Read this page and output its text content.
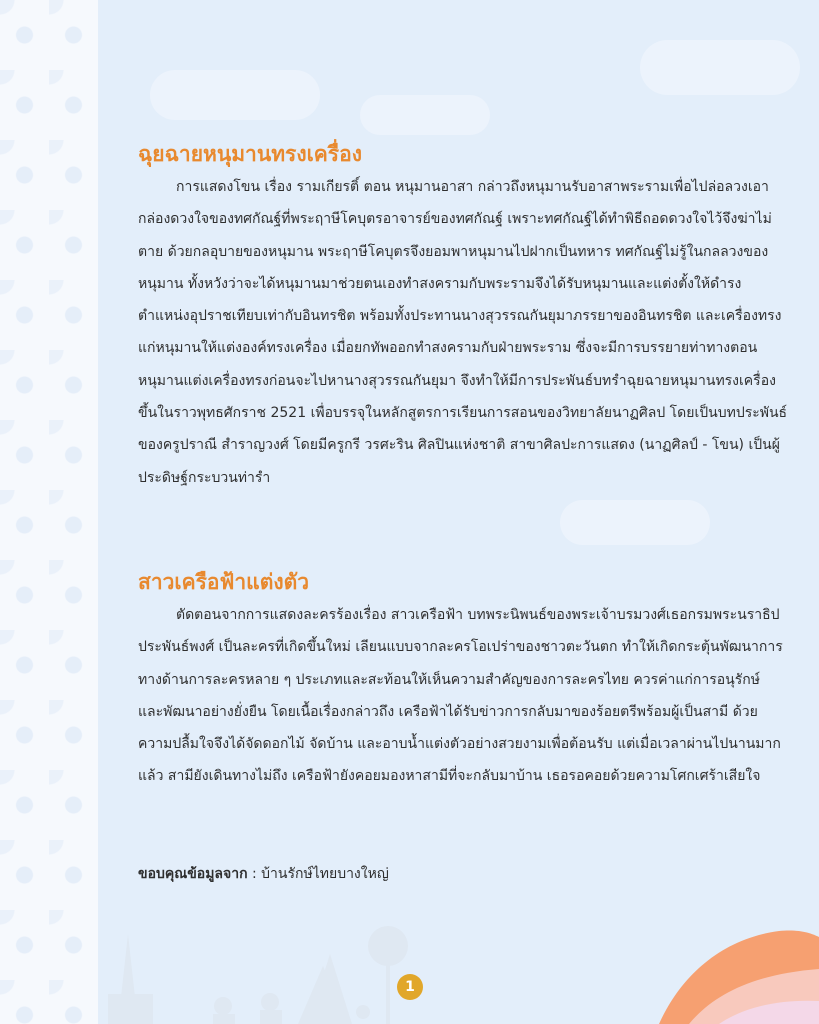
ฉุยฉายหนุมานทรงเครื่อง

การแสดงโขน เรื่อง รามเกียรติ์ ตอน หนุมานอาสา กล่าวถึงหนุมานรับอาสาพระรามเพื่อไปล่อลวงเอากล่องดวงใจของทศกัณฐ์ที่พระฤาษีโคบุตรอาจารย์ของทศกัณฐ์ เพราะทศกัณฐ์ได้ทำพิธีถอดดวงใจไว้จึงฆ่าไม่ตาย ด้วยกลอุบายของหนุมาน พระฤาษีโคบุตรจึงยอมพาหนุมานไปฝากเป็นทหาร ทศกัณฐ์ไม่รู้ในกลลวงของหนุมาน ทั้งหวังว่าจะได้หนุมานมาช่วยตนเองทำสงครามกับพระรามจึงได้รับหนุมานและแต่งตั้งให้ดำรงตำแหน่งอุปราชเทียบเท่ากับอินทรชิต พร้อมทั้งประทานนางสุวรรณกันยุมาภรรยาของอินทรชิต และเครื่องทรงแก่หนุมานให้แต่งองค์ทรงเครื่อง เมื่อยกทัพออกทำสงครามกับฝ่ายพระราม ซึ่งจะมีการบรรยายท่าทางตอนหนุมานแต่งเครื่องทรงก่อนจะไปหานางสุวรรณกันยุมา จึงทำให้มีการประพันธ์บทรำฉุยฉายหนุมานทรงเครื่องขึ้นในราวพุทธศักราช 2521 เพื่อบรรจุในหลักสูตรการเรียนการสอนของวิทยาลัยนาฏศิลป โดยเป็นบทประพันธ์ของครูปราณี สำราญวงศ์ โดยมีครูกรี วรศะริน ศิลปินแห่งชาติ สาขาศิลปะการแสดง (นาฏศิลป์ - โขน) เป็นผู้ประดิษฐ์กระบวนท่ารำ

สาวเครือฟ้าแต่งตัว

ตัดตอนจากการแสดงละครร้องเรื่อง สาวเครือฟ้า บทพระนิพนธ์ของพระเจ้าบรมวงศ์เธอกรมพระนราธิปประพันธ์พงศ์ เป็นละครที่เกิดขึ้นใหม่ เลียนแบบจากละครโอเปร่าของชาวตะวันตก ทำให้เกิดกระตุ้นพัฒนาการทางด้านการละครหลาย ๆ ประเภทและสะท้อนให้เห็นความสำคัญของการละครไทย ควรค่าแก่การอนุรักษ์ และพัฒนาอย่างยั่งยืน โดยเนื้อเรื่องกล่าวถึง เครือฟ้าได้รับข่าวการกลับมาของร้อยตรีพร้อมผู้เป็นสามี ด้วยความปลื้มใจจึงได้จัดดอกไม้ จัดบ้าน และอาบน้ำแต่งตัวอย่างสวยงามเพื่อต้อนรับ แต่เมื่อเวลาผ่านไปนานมากแล้ว สามียังเดินทางไม่ถึง เครือฟ้ายังคอยมองหาสามีที่จะกลับมาบ้าน เธอรอคอยด้วยความโศกเศร้าเสียใจ

ขอบคุณข้อมูลจาก : บ้านรักษ์ไทยบางใหญ่
1
